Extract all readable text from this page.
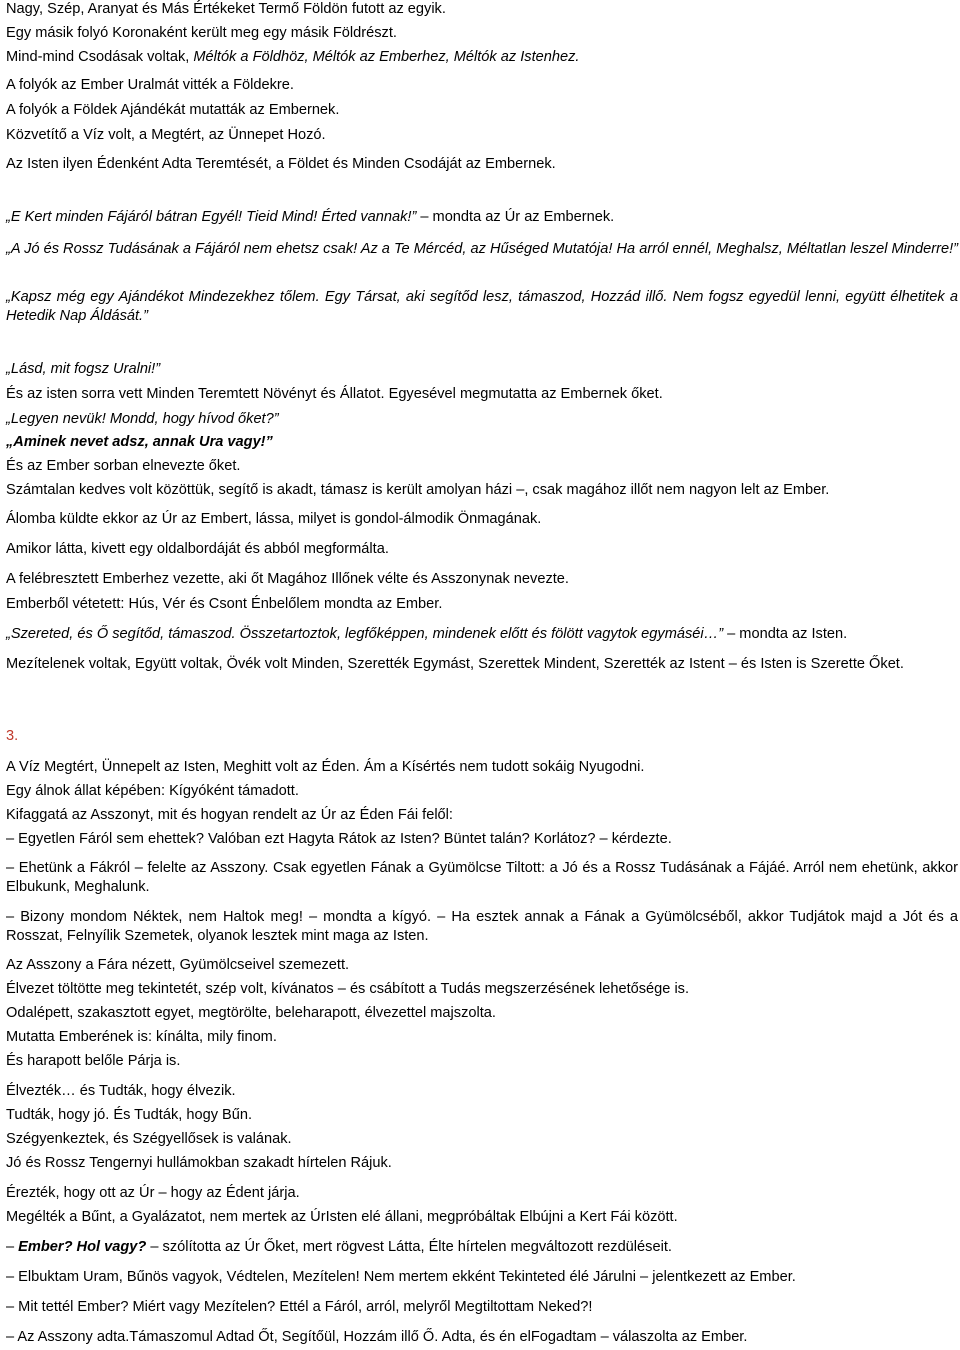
Nagy, Szép, Aranyat és Más Értékeket Termő Földön futott az egyik.
Egy másik folyó Koronaként került meg egy másik Földrészt.
Mind-mind Csodásak voltak, Méltók a Földhöz, Méltók az Emberhez, Méltók az Istenhez.
A folyók az Ember Uralmát vitték a Földekre.
A folyók a Földek Ajándékát mutatták az Embernek.
Közvetítő a Víz volt, a Megtért, az Ünnepet Hozó.
Az Isten ilyen Édenként Adta Teremtését, a Földet és Minden Csodáját az Embernek.
„E Kert minden Fájáról bátran Egyél! Tieid Mind! Érted vannak!” – mondta az Úr az Embernek.
„A Jó és Rossz Tudásának a Fájáról nem ehetsz csak! Az a Te Mércéd, az Hűséged Mutatója! Ha arról ennél, Meghalsz, Méltatlan leszel Minderre!”
„Kapsz még egy Ajándékot Mindezekhez tőlem. Egy Társat, aki segítőd lesz, támaszod, Hozzád illő. Nem fogsz egyedül lenni, együtt élhetitek a Hetedik Nap Áldását.”
„Lásd, mit fogsz Uralni!”
És az isten sorra vett Minden Teremtett Növényt és Állatot. Egyesével megmutatta az Embernek őket.
„Legyen nevük! Mondd, hogy hívod őket?”
„Aminek nevet adsz, annak Ura vagy!”
És az Ember sorban elnevezte őket.
Számtalan kedves volt közöttük, segítő is akadt, támasz is került amolyan házi –, csak magához illőt nem nagyon lelt az Ember.
Álomba küldte ekkor az Úr az Embert, lássa, milyet is gondol-álmodik Önmagának.
Amikor látta, kivett egy oldalbordáját és abból megformálta.
A felébresztett Emberhez vezette, aki őt Magához Illőnek vélte és Asszonynak nevezte.
Emberből vétetett: Hús, Vér és Csont Énbelőlem mondta az Ember.
„Szereted, és Ő segítőd, támaszod. Összetartoztok, legfőképpen, mindenek előtt és fölött vagytok egymáséi…” – mondta az Isten.
Mezítelenek voltak, Együtt voltak, Övék volt Minden, Szerették Egymást, Szerettek Mindent, Szerették az Istent – és Isten is Szerette Őket.
3.
A Víz Megtért, Ünnepelt az Isten, Meghitt volt az Éden. Ám a Kísértés nem tudott sokáig Nyugodni.
Egy álnok állat képében: Kígyóként támadott.
Kifaggatá az Asszonyt, mit és hogyan rendelt az Úr az Éden Fái felől:
– Egyetlen Fáról sem ehettek? Valóban ezt Hagyta Rátok az Isten? Büntet talán? Korlátoz? – kérdezte.
– Ehetünk a Fákról – felelte az Asszony. Csak egyetlen Fának a Gyümölcse Tiltott: a Jó és a Rossz Tudásának a Fájáé. Arról nem ehetünk, akkor Elbukunk, Meghalunk.
– Bizony mondom Néktek, nem Haltok meg! – mondta a kígyó. – Ha esztek annak a Fának a Gyümölcséből, akkor Tudjátok majd a Jót és a Rosszat, Felnyílik Szemetek, olyanok lesztek mint maga az Isten.
Az Asszony a Fára nézett, Gyümölcseivel szemezett.
Élvezet töltötte meg tekintetét, szép volt, kívánatos – és csábított a Tudás megszerzésének lehetősége is.
Odalépett, szakasztott egyet, megtörölte, beleharapott, élvezettel majszolta.
Mutatta Emberének is: kínálta, mily finom.
És harapott belőle Párja is.
Élvezték… és Tudták, hogy élvezik.
Tudták, hogy jó. És Tudták, hogy Bűn.
Szégyenkeztek, és Szégyellősek is valának.
Jó és Rossz Tengernyi hullámokban szakadt hírtelen Rájuk.
Érezték, hogy ott az Úr – hogy az Édent járja.
Megélték a Bűnt, a Gyalázatot, nem mertek az ÚrIsten elé állani, megpróbáltak Elbújni a Kert Fái között.
– Ember? Hol vagy? – szólította az Úr Őket, mert rögvest Látta, Élte hírtelen megváltozott rezdüléseit.
– Elbuktam Uram, Bűnös vagyok, Védtelen, Mezítelen! Nem mertem ekként Tekinteted élé Járulni – jelentkezett az Ember.
– Mit tettél Ember? Miért vagy Mezítelen? Ettél a Fáról, arról, melyről Megtiltottam Neked?!
– Az Asszony adta.Támaszomul Adtad Őt, Segítőül, Hozzám illő Ő. Adta, és én elFogadtam – válaszolta az Ember.
